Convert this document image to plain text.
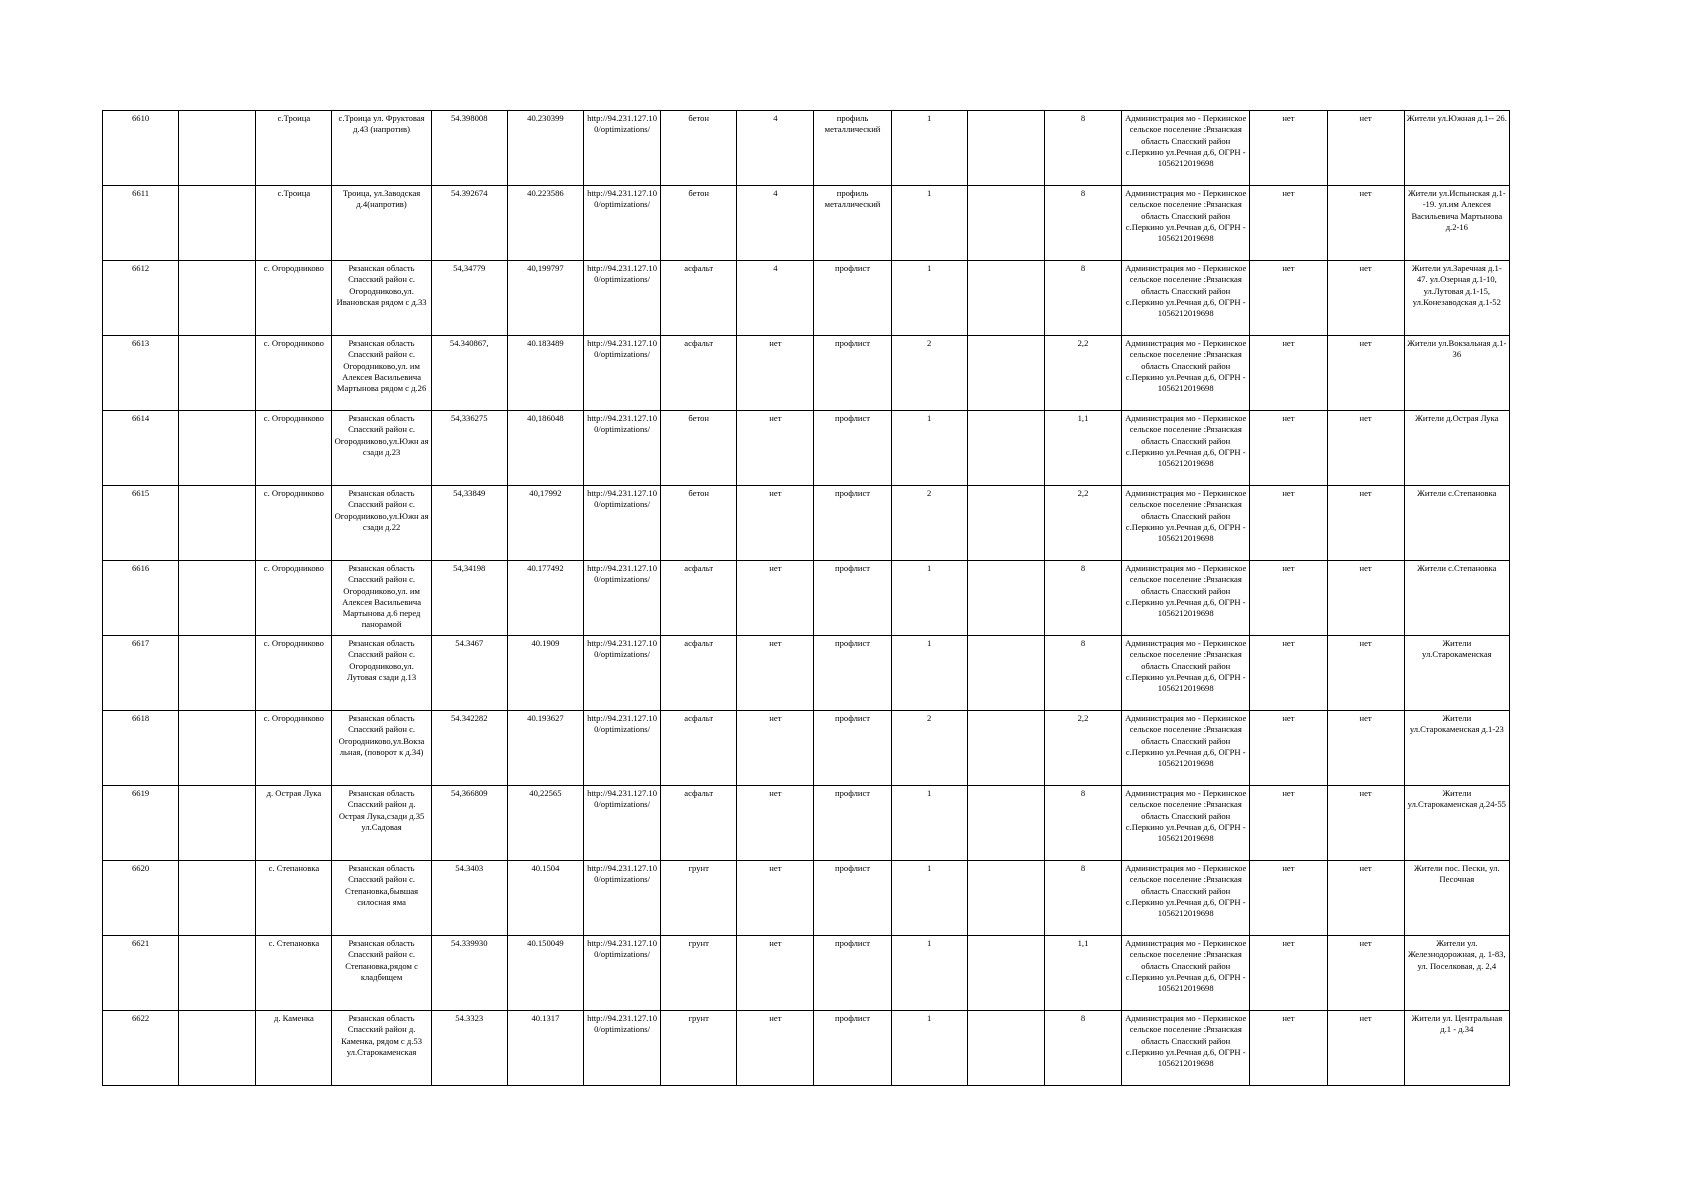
6610		с.Троица	с.Троица ул. Фруктовая д.43 (напротив)	54.398008	40.230399	http://94.231.127.10 0/optimizations/	бетон	4	профиль металлический	1		8	Администрация мо - Перкинское сельское поселение :Рязанская область Спасский район с.Перкино ул.Речная д.6, ОГРН - 1056212019698	нет	нет	Жители ул.Южная д.1-- 26.
6611		с.Троица	Троица, ул.Заводская д.4(напротив)	54.392674	40.223586	http://94.231.127.10 0/optimizations/	бетон	4	профиль металлический	1		8	Администрация мо - Перкинское сельское поселение :Рязанская область Спасский район с.Перкино ул.Речная д.6, ОГРН - 1056212019698	нет	нет	Жители ул.Испынская д.1--19. ул.им Алексея Васильевича Мартынова д.2-16
6612		с. Огородниково	Рязанская область Спасский район с. Огородниково,ул. Ивановская рядом с д.33	54,34779	40,199797	http://94.231.127.10 0/optimizations/	асфальт	4	профлист	1		8	Администрация мо - Перкинское сельское поселение :Рязанская область Спасский район с.Перкино ул.Речная д.6, ОГРН - 1056212019698	нет	нет	Жители ул.Заречная д.1-47. ул.Озерная д.1-10, ул.Лутовая д.1-15, ул.Конезаводская д.1-52
6613		с. Огородниково	Рязанская область Спасский район с. Огородниково,ул. им Алексея Васильевича Мартынова рядом с д.26	54.340867,	40.183489	http://94.231.127.10 0/optimizations/	асфальт	нет	профлист	2		2,2	Администрация мо - Перкинское сельское поселение :Рязанская область Спасский район с.Перкино ул.Речная д.6, ОГРН - 1056212019698	нет	нет	Жители ул.Вокзальная д.1-36
6614		с. Огородниково	Рязанская область Спасский район с. Огородниково,ул.Южн ая сзади д.23	54,336275	40,186048	http://94.231.127.10 0/optimizations/	бетон	нет	профлист	1		1,1	Администрация мо - Перкинское сельское поселение :Рязанская область Спасский район с.Перкино ул.Речная д.6, ОГРН - 1056212019698	нет	нет	Жители д.Острая Лука
6615		с. Огородниково	Рязанская область Спасский район с. Огородниково,ул.Южн ая сзади д.22	54,33849	40,17992	http://94.231.127.10 0/optimizations/	бетон	нет	профлист	2		2,2	Администрация мо - Перкинское сельское поселение :Рязанская область Спасский район с.Перкино ул.Речная д.6, ОГРН - 1056212019698	нет	нет	Жители с.Степановка
6616		с. Огородниково	Рязанская область Спасский район с. Огородниково,ул. им Алексея Васильевича Мартынова д.6 перед панорамой	54,34198	40.177492	http://94.231.127.10 0/optimizations/	асфальт	нет	профлист	1		8	Администрация мо - Перкинское сельское поселение :Рязанская область Спасский район с.Перкино ул.Речная д.6, ОГРН - 1056212019698	нет	нет	Жители с.Степановка
6617		с. Огородниково	Рязанская область Спасский район с. Огородниково,ул. Лутовая сзади д.13	54.3467	40.1909	http://94.231.127.10 0/optimizations/	асфальт	нет	профлист	1		8	Администрация мо - Перкинское сельское поселение :Рязанская область Спасский район с.Перкино ул.Речная д.6, ОГРН - 1056212019698	нет	нет	Жители ул.Старокаменская
6618		с. Огородниково	Рязанская область Спасский район с. Огородниково,ул.Вокза льная, (поворот к д.34)	54.342282	40.193627	http://94.231.127.10 0/optimizations/	асфальт	нет	профлист	2		2,2	Администрация мо - Перкинское сельское поселение :Рязанская область Спасский район с.Перкино ул.Речная д.6, ОГРН - 1056212019698	нет	нет	Жители ул.Старокаменская д.1-23
6619		д. Острая Лука	Рязанская область Спасский район д. Острая Лука,сзади д.35 ул.Садовая	54,366809	40,22565	http://94.231.127.10 0/optimizations/	асфальт	нет	профлист	1		8	Администрация мо - Перкинское сельское поселение :Рязанская область Спасский район с.Перкино ул.Речная д.6, ОГРН - 1056212019698	нет	нет	Жители ул.Старокаменская д.24-55
6620		с. Степановка	Рязанская область Спасский район с. Степановка,бывшая силосная яма	54.3403	40.1504	http://94.231.127.10 0/optimizations/	грунт	нет	профлист	1		8	Администрация мо - Перкинское сельское поселение :Рязанская область Спасский район с.Перкино ул.Речная д.6, ОГРН - 1056212019698	нет	нет	Жители пос. Пески, ул. Песочная
6621		с. Степановка	Рязанская область Спасский район с. Степановка,рядом с кладбищем	54.339930	40.150049	http://94.231.127.10 0/optimizations/	грунт	нет	профлист	1		1,1	Администрация мо - Перкинское сельское поселение :Рязанская область Спасский район с.Перкино ул.Речная д.6, ОГРН - 1056212019698	нет	нет	Жители ул. Железнодорожная, д. 1-83, ул. Поселковая, д. 2,4
6622		д. Каменка	Рязанская область Спасский район д. Каменка, рядом с д.53 ул.Старокаменская	54.3323	40.1317	http://94.231.127.10 0/optimizations/	грунт	нет	профлист	1		8	Администрация мо - Перкинское сельское поселение :Рязанская область Спасский район с.Перкино ул.Речная д.6, ОГРН - 1056212019698	нет	нет	Жители ул. Центральная д.1 - д.34
